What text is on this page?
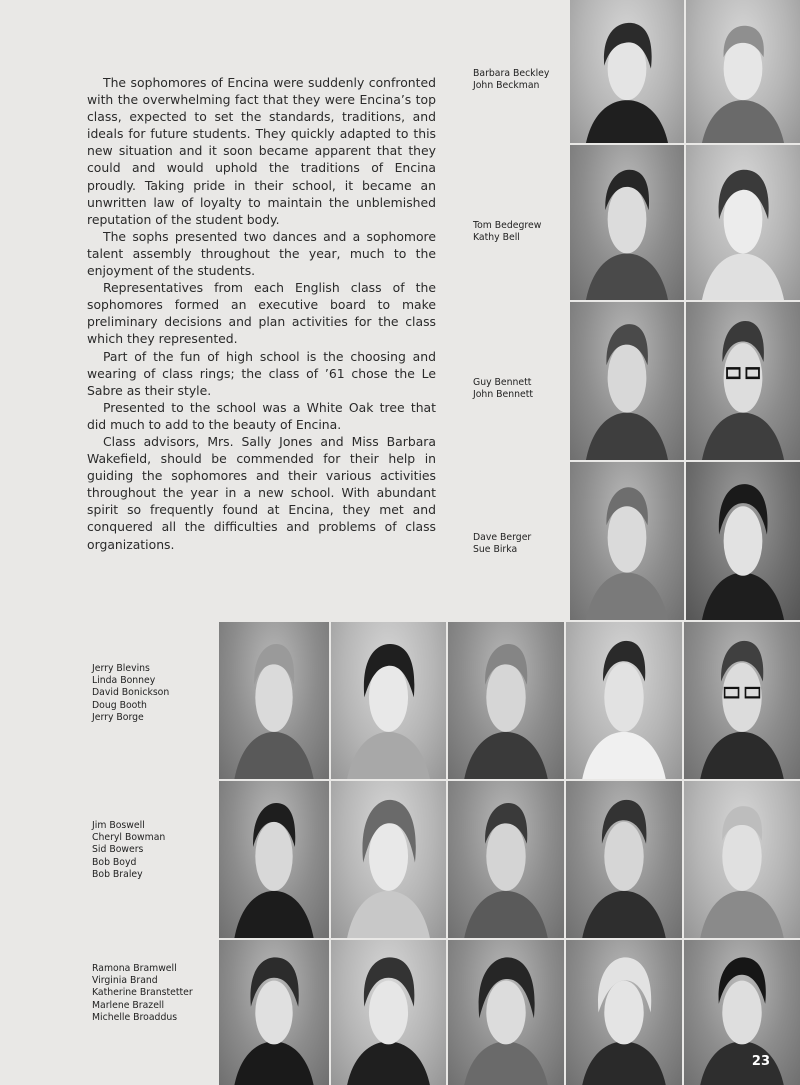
The sophomores of Encina were suddenly confronted with the overwhelming fact that they were Encina’s top class, expected to set the standards, traditions, and ideals for future students. They quickly adapted to this new situation and it soon became apparent that they could and would uphold the traditions of Encina proudly. Taking pride in their school, it became an unwritten law of loyalty to maintain the unblemished reputation of the student body.

The sophs presented two dances and a sophomore talent assembly throughout the year, much to the enjoyment of the students.

Representatives from each English class of the sophomores formed an executive board to make preliminary decisions and plan activities for the class which they represented.

Part of the fun of high school is the choosing and wearing of class rings; the class of ’61 chose the Le Sabre as their style.

Presented to the school was a White Oak tree that did much to add to the beauty of Encina.

Class advisors, Mrs. Sally Jones and Miss Barbara Wakefield, should be commended for their help in guiding the sophomores and their various activities throughout the year in a new school. With abundant spirit so frequently found at Encina, they met and conquered all the difficulties and problems of class organizations.

Barbara Beckley
John Beckman
Tom Bedegrew
Kathy Bell
Guy Bennett
John Bennett
Dave Berger
Sue Birka
Jerry Blevins
Linda Bonney
David Bonickson
Doug Booth
Jerry Borge
Jim Boswell
Cheryl Bowman
Sid Bowers
Bob Boyd
Bob Braley
Ramona Bramwell
Virginia Brand
Katherine Branstetter
Marlene Brazell
Michelle Broaddus
23
